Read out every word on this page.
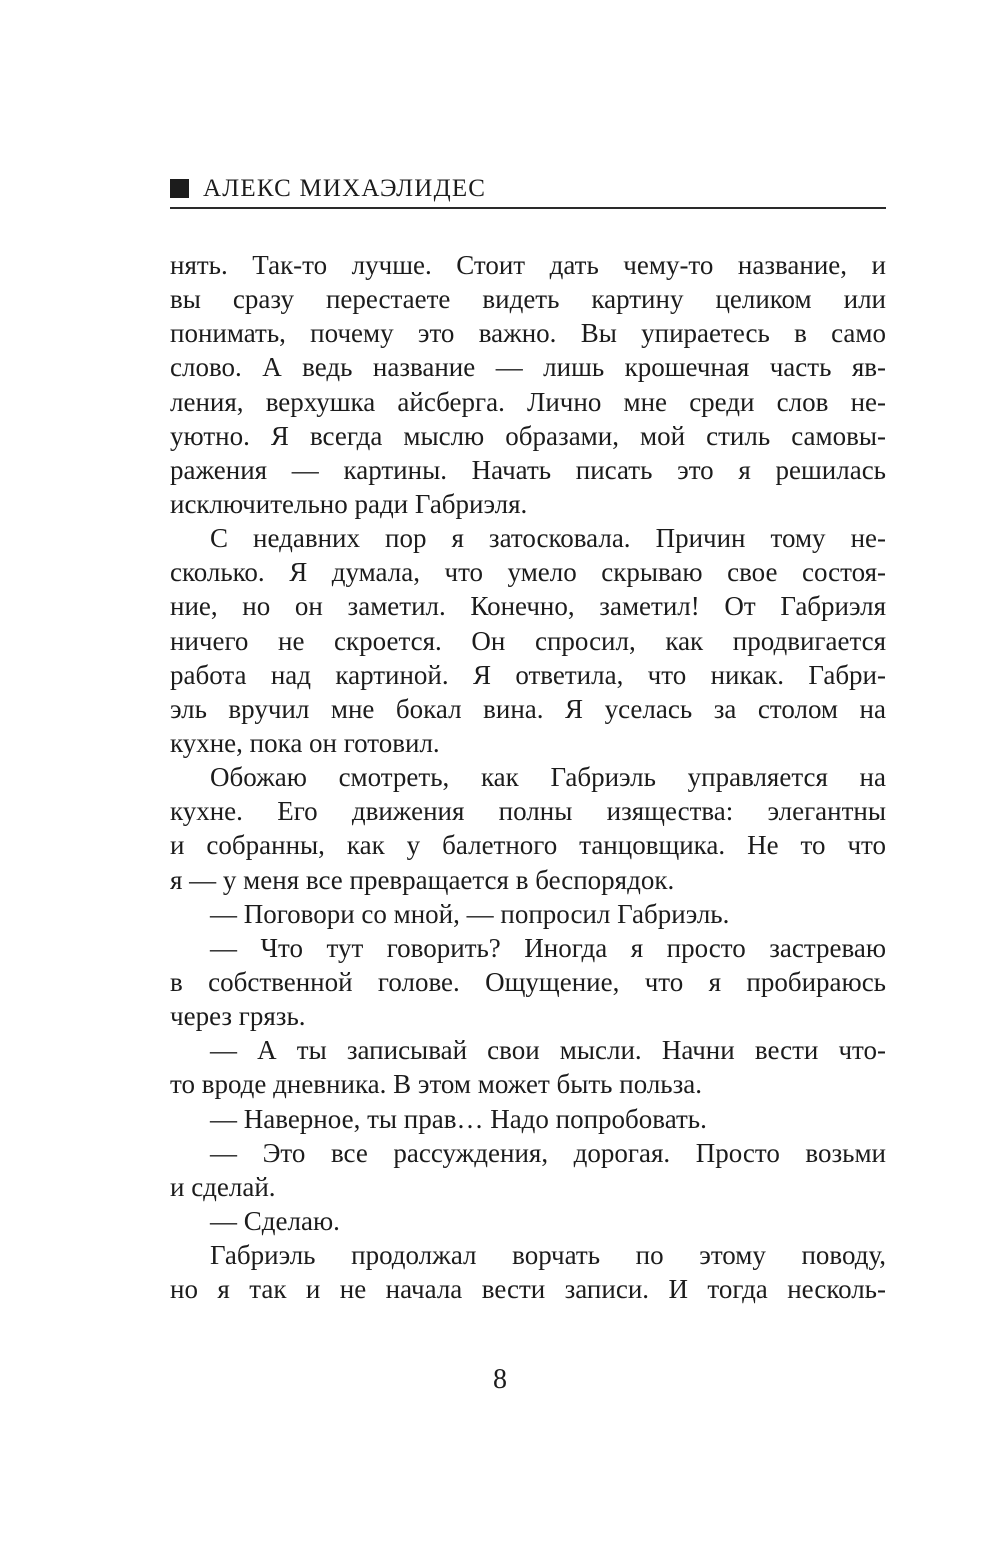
АЛЕКС МИХАЭЛИДЕС
нять. Так-то лучше. Стоит дать чему-то название, и
вы сразу перестаете видеть картину целиком или
понимать, почему это важно. Вы упираетесь в само
слово. А ведь название — лишь крошечная часть яв-
ления, верхушка айсберга. Лично мне среди слов не-
уютно. Я всегда мыслю образами, мой стиль самовы-
ражения — картины. Начать писать это я решилась
исключительно ради Габриэля.
С недавних пор я затосковала. Причин тому не-
сколько. Я думала, что умело скрываю свое состоя-
ние, но он заметил. Конечно, заметил! От Габриэля
ничего не скроется. Он спросил, как продвигается
работа над картиной. Я ответила, что никак. Габри-
эль вручил мне бокал вина. Я уселась за столом на
кухне, пока он готовил.
Обожаю смотреть, как Габриэль управляется на
кухне. Его движения полны изящества: элегантны
и собранны, как у балетного танцовщика. Не то что
я — у меня все превращается в беспорядок.
— Поговори со мной, — попросил Габриэль.
— Что тут говорить? Иногда я просто застреваю
в собственной голове. Ощущение, что я пробираюсь
через грязь.
— А ты записывай свои мысли. Начни вести что-
то вроде дневника. В этом может быть польза.
— Наверное, ты прав… Надо попробовать.
— Это все рассуждения, дорогая. Просто возьми
и сделай.
— Сделаю.
Габриэль продолжал ворчать по этому поводу,
но я так и не начала вести записи. И тогда несколь-
8
